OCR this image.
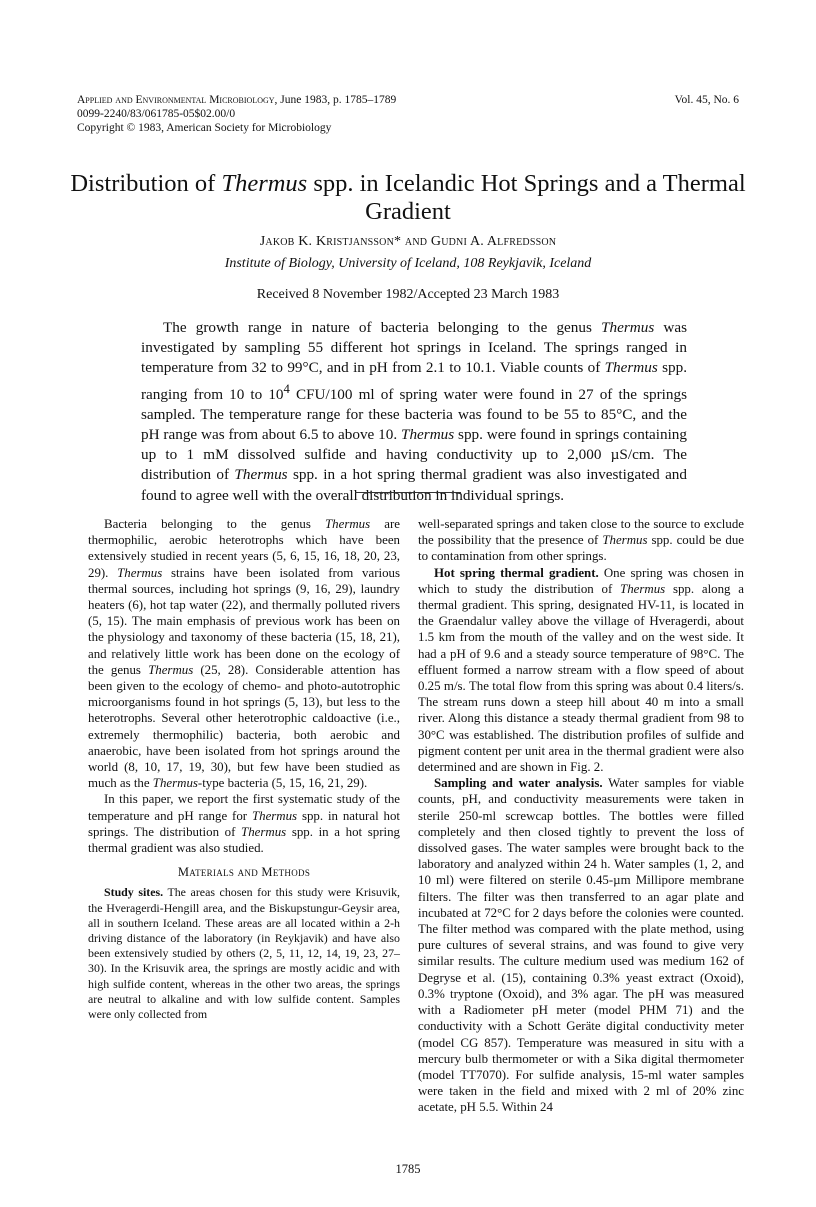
Applied and Environmental Microbiology, June 1983, p. 1785–1789	Vol. 45, No. 6
0099-2240/83/061785-05$02.00/0
Copyright © 1983, American Society for Microbiology
Distribution of Thermus spp. in Icelandic Hot Springs and a Thermal Gradient
Jakob K. Kristjansson* and Gudni A. Alfredsson
Institute of Biology, University of Iceland, 108 Reykjavik, Iceland
Received 8 November 1982/Accepted 23 March 1983
The growth range in nature of bacteria belonging to the genus Thermus was investigated by sampling 55 different hot springs in Iceland. The springs ranged in temperature from 32 to 99°C, and in pH from 2.1 to 10.1. Viable counts of Thermus spp. ranging from 10 to $10^4$ CFU/100 ml of spring water were found in 27 of the springs sampled. The temperature range for these bacteria was found to be 55 to 85°C, and the pH range was from about 6.5 to above 10. Thermus spp. were found in springs containing up to 1 mM dissolved sulfide and having conductivity up to 2,000 µS/cm. The distribution of Thermus spp. in a hot spring thermal gradient was also investigated and found to agree well with the overall distribution in individual springs.

Bacteria belonging to the genus Thermus are thermophilic, aerobic heterotrophs which have been extensively studied in recent years (5, 6, 15, 16, 18, 20, 23, 29). Thermus strains have been isolated from various thermal sources, including hot springs (9, 16, 29), laundry heaters (6), hot tap water (22), and thermally polluted rivers (5, 15). The main emphasis of previous work has been on the physiology and taxonomy of these bacteria (15, 18, 21), and relatively little work has been done on the ecology of the genus Thermus (25, 28). Considerable attention has been given to the ecology of chemo- and photo-autotrophic microorganisms found in hot springs (5, 13), but less to the heterotrophs. Several other heterotrophic caldoactive (i.e., extremely thermophilic) bacteria, both aerobic and anaerobic, have been isolated from hot springs around the world (8, 10, 17, 19, 30), but few have been studied as much as the Thermus-type bacteria (5, 15, 16, 21, 29).

In this paper, we report the first systematic study of the temperature and pH range for Thermus spp. in natural hot springs. The distribution of Thermus spp. in a hot spring thermal gradient was also studied.

Materials and Methods

Study sites. The areas chosen for this study were Krisuvik, the Hveragerdi-Hengill area, and the Biskupstungur-Geysir area, all in southern Iceland. These areas are all located within a 2-h driving distance of the laboratory (in Reykjavik) and have also been extensively studied by others (2, 5, 11, 12, 14, 19, 23, 27–30). In the Krisuvik area, the springs are mostly acidic and with high sulfide content, whereas in the other two areas, the springs are neutral to alkaline and with low sulfide content. Samples were only collected from

well-separated springs and taken close to the source to exclude the possibility that the presence of Thermus spp. could be due to contamination from other springs.

Hot spring thermal gradient. One spring was chosen in which to study the distribution of Thermus spp. along a thermal gradient. This spring, designated HV-11, is located in the Graendalur valley above the village of Hveragerdi, about 1.5 km from the mouth of the valley and on the west side. It had a pH of 9.6 and a steady source temperature of 98°C. The effluent formed a narrow stream with a flow speed of about 0.25 m/s. The total flow from this spring was about 0.4 liters/s. The stream runs down a steep hill about 40 m into a small river. Along this distance a steady thermal gradient from 98 to 30°C was established. The distribution profiles of sulfide and pigment content per unit area in the thermal gradient were also determined and are shown in Fig. 2.

Sampling and water analysis. Water samples for viable counts, pH, and conductivity measurements were taken in sterile 250-ml screwcap bottles. The bottles were filled completely and then closed tightly to prevent the loss of dissolved gases. The water samples were brought back to the laboratory and analyzed within 24 h. Water samples (1, 2, and 10 ml) were filtered on sterile 0.45-µm Millipore membrane filters. The filter was then transferred to an agar plate and incubated at 72°C for 2 days before the colonies were counted. The filter method was compared with the plate method, using pure cultures of several strains, and was found to give very similar results. The culture medium used was medium 162 of Degryse et al. (15), containing 0.3% yeast extract (Oxoid), 0.3% tryptone (Oxoid), and 3% agar. The pH was measured with a Radiometer pH meter (model PHM 71) and the conductivity with a Schott Geräte digital conductivity meter (model CG 857). Temperature was measured in situ with a mercury bulb thermometer or with a Sika digital thermometer (model TT7070). For sulfide analysis, 15-ml water samples were taken in the field and mixed with 2 ml of 20% zinc acetate, pH 5.5. Within 24

1785
